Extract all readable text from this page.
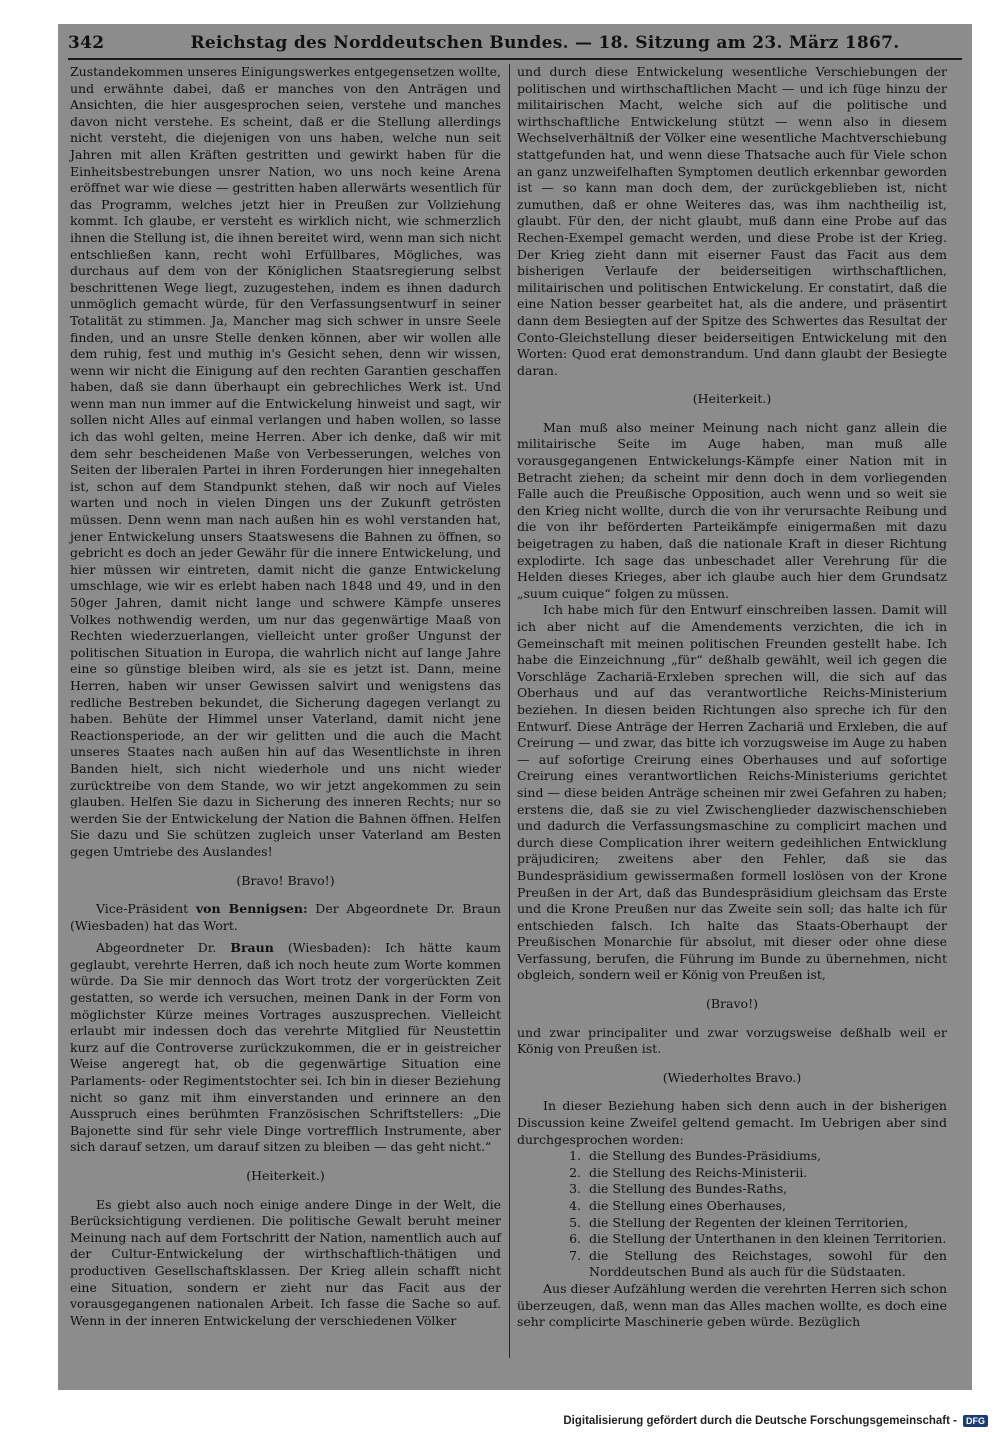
342	Reichstag des Norddeutschen Bundes. — 18. Sitzung am 23. März 1867.

Zustandekommen unseres Einigungswerkes entgegensetzen wollte, und erwähnte dabei, daß er manches von den Anträgen und Ansichten, die hier ausgesprochen seien, verstehe und manches davon nicht verstehe. Es scheint, daß er die Stellung allerdings nicht versteht, die diejenigen von uns haben, welche nun seit Jahren mit allen Kräften gestritten und gewirkt haben für die Einheitsbestrebungen unsrer Nation, wo uns noch keine Arena eröffnet war wie diese — gestritten haben allerwärts wesentlich für das Programm, welches jetzt hier in Preußen zur Vollziehung kommt. Ich glaube, er versteht es wirklich nicht, wie schmerzlich ihnen die Stellung ist, die ihnen bereitet wird, wenn man sich nicht entschließen kann, recht wohl Erfüllbares, Mögliches, was durchaus auf dem von der Königlichen Staatsregierung selbst beschrittenen Wege liegt, zuzugestehen, indem es ihnen dadurch unmöglich gemacht würde, für den Verfassungsentwurf in seiner Totalität zu stimmen. Ja, Mancher mag sich schwer in unsre Seele finden, und an unsre Stelle denken können, aber wir wollen alle dem ruhig, fest und muthig in's Gesicht sehen, denn wir wissen, wenn wir nicht die Einigung auf den rechten Garantien geschaffen haben, daß sie dann überhaupt ein gebrechliches Werk ist. Und wenn man nun immer auf die Entwickelung hinweist und sagt, wir sollen nicht Alles auf einmal verlangen und haben wollen, so lasse ich das wohl gelten, meine Herren. Aber ich denke, daß wir mit dem sehr bescheidenen Maße von Verbesserungen, welches von Seiten der liberalen Partei in ihren Forderungen hier innegehalten ist, schon auf dem Standpunkt stehen, daß wir noch auf Vieles warten und noch in vielen Dingen uns der Zukunft getrösten müssen. Denn wenn man nach außen hin es wohl verstanden hat, jener Entwickelung unsers Staatswesens die Bahnen zu öffnen, so gebricht es doch an jeder Gewähr für die innere Entwickelung, und hier müssen wir eintreten, damit nicht die ganze Entwickelung umschlage, wie wir es erlebt haben nach 1848 und 49, und in den 50ger Jahren, damit nicht lange und schwere Kämpfe unseres Volkes nothwendig werden, um nur das gegenwärtige Maaß von Rechten wiederzuerlangen, vielleicht unter großer Ungunst der politischen Situation in Europa, die wahrlich nicht auf lange Jahre eine so günstige bleiben wird, als sie es jetzt ist. Dann, meine Herren, haben wir unser Gewissen salvirt und wenigstens das redliche Bestreben bekundet, die Sicherung dagegen verlangt zu haben. Behüte der Himmel unser Vaterland, damit nicht jene Reactionsperiode, an der wir gelitten und die auch die Macht unseres Staates nach außen hin auf das Wesentlichste in ihren Banden hielt, sich nicht wiederhole und uns nicht wieder zurücktreibe von dem Stande, wo wir jetzt angekommen zu sein glauben. Helfen Sie dazu in Sicherung des inneren Rechts; nur so werden Sie der Entwickelung der Nation die Bahnen öffnen. Helfen Sie dazu und Sie schützen zugleich unser Vaterland am Besten gegen Umtriebe des Auslandes!

(Bravo! Bravo!)

Vice-Präsident von Bennigsen: Der Abgeordnete Dr. Braun (Wiesbaden) hat das Wort.

Abgeordneter Dr. Braun (Wiesbaden): Ich hätte kaum geglaubt, verehrte Herren, daß ich noch heute zum Worte kommen würde. Da Sie mir dennoch das Wort trotz der vorgerückten Zeit gestatten, so werde ich versuchen, meinen Dank in der Form von möglichster Kürze meines Vortrages auszusprechen. Vielleicht erlaubt mir indessen doch das verehrte Mitglied für Neustettin kurz auf die Controverse zurückzukommen, die er in geistreicher Weise angeregt hat, ob die gegenwärtige Situation eine Parlaments- oder Regimentstochter sei. Ich bin in dieser Beziehung nicht so ganz mit ihm einverstanden und erinnere an den Ausspruch eines berühmten Französischen Schriftstellers: „Die Bajonette sind für sehr viele Dinge vortrefflich Instrumente, aber sich darauf setzen, um darauf sitzen zu bleiben — das geht nicht.“

(Heiterkeit.)

Es giebt also auch noch einige andere Dinge in der Welt, die Berücksichtigung verdienen. Die politische Gewalt beruht meiner Meinung nach auf dem Fortschritt der Nation, namentlich auch auf der Cultur-Entwickelung der wirthschaftlich-thätigen und productiven Gesellschaftsklassen. Der Krieg allein schafft nicht eine Situation, sondern er zieht nur das Facit aus der vorausgegangenen nationalen Arbeit. Ich fasse die Sache so auf. Wenn in der inneren Entwickelung der verschiedenen Völker

und durch diese Entwickelung wesentliche Verschiebungen der politischen und wirthschaftlichen Macht — und ich füge hinzu der militairischen Macht, welche sich auf die politische und wirthschaftliche Entwickelung stützt — wenn also in diesem Wechselverhältniß der Völker eine wesentliche Machtverschiebung stattgefunden hat, und wenn diese Thatsache auch für Viele schon an ganz unzweifelhaften Symptomen deutlich erkennbar geworden ist — so kann man doch dem, der zurückgeblieben ist, nicht zumuthen, daß er ohne Weiteres das, was ihm nachtheilig ist, glaubt. Für den, der nicht glaubt, muß dann eine Probe auf das Rechen-Exempel gemacht werden, und diese Probe ist der Krieg. Der Krieg zieht dann mit eiserner Faust das Facit aus dem bisherigen Verlaufe der beiderseitigen wirthschaftlichen, militairischen und politischen Entwickelung. Er constatirt, daß die eine Nation besser gearbeitet hat, als die andere, und präsentirt dann dem Besiegten auf der Spitze des Schwertes das Resultat der Conto-Gleichstellung dieser beiderseitigen Entwickelung mit den Worten: Quod erat demonstrandum. Und dann glaubt der Besiegte daran.

(Heiterkeit.)

Man muß also meiner Meinung nach nicht ganz allein die militairische Seite im Auge haben, man muß alle vorausgegangenen Entwickelungs-Kämpfe einer Nation mit in Betracht ziehen; da scheint mir denn doch in dem vorliegenden Falle auch die Preußische Opposition, auch wenn und so weit sie den Krieg nicht wollte, durch die von ihr verursachte Reibung und die von ihr beförderten Parteikämpfe einigermaßen mit dazu beigetragen zu haben, daß die nationale Kraft in dieser Richtung explodirte. Ich sage das unbeschadet aller Verehrung für die Helden dieses Krieges, aber ich glaube auch hier dem Grundsatz „suum cuique“ folgen zu müssen.

Ich habe mich für den Entwurf einschreiben lassen. Damit will ich aber nicht auf die Amendements verzichten, die ich in Gemeinschaft mit meinen politischen Freunden gestellt habe. Ich habe die Einzeichnung „für“ deßhalb gewählt, weil ich gegen die Vorschläge Zachariä-Erxleben sprechen will, die sich auf das Oberhaus und auf das verantwortliche Reichs-Ministerium beziehen. In diesen beiden Richtungen also spreche ich für den Entwurf. Diese Anträge der Herren Zachariä und Erxleben, die auf Creirung — und zwar, das bitte ich vorzugsweise im Auge zu haben — auf sofortige Creirung eines Oberhauses und auf sofortige Creirung eines verantwortlichen Reichs-Ministeriums gerichtet sind — diese beiden Anträge scheinen mir zwei Gefahren zu haben; erstens die, daß sie zu viel Zwischenglieder dazwischenschieben und dadurch die Verfassungsmaschine zu complicirt machen und durch diese Complication ihrer weitern gedeihlichen Entwicklung präjudiciren; zweitens aber den Fehler, daß sie das Bundespräsidium gewissermaßen formell loslösen von der Krone Preußen in der Art, daß das Bundespräsidium gleichsam das Erste und die Krone Preußen nur das Zweite sein soll; das halte ich für entschieden falsch. Ich halte das Staats-Oberhaupt der Preußischen Monarchie für absolut, mit dieser oder ohne diese Verfassung, berufen, die Führung im Bunde zu übernehmen, nicht obgleich, sondern weil er König von Preußen ist,

(Bravo!)

und zwar principaliter und zwar vorzugsweise deßhalb weil er König von Preußen ist.

(Wiederholtes Bravo.)

In dieser Beziehung haben sich denn auch in der bisherigen Discussion keine Zweifel geltend gemacht. Im Uebrigen aber sind durchgesprochen worden:

1. die Stellung des Bundes-Präsidiums,
2. die Stellung des Reichs-Ministerii.
3. die Stellung des Bundes-Raths,
4. die Stellung eines Oberhauses,
5. die Stellung der Regenten der kleinen Territorien,
6. die Stellung der Unterthanen in den kleinen Territorien.
7. die Stellung des Reichstages, sowohl für den Norddeutschen Bund als auch für die Südstaaten.

Aus dieser Aufzählung werden die verehrten Herren sich schon überzeugen, daß, wenn man das Alles machen wollte, es doch eine sehr complicirte Maschinerie geben würde. Bezüglich

Digitalisierung gefördert durch die Deutsche Forschungsgemeinschaft -	DFG
